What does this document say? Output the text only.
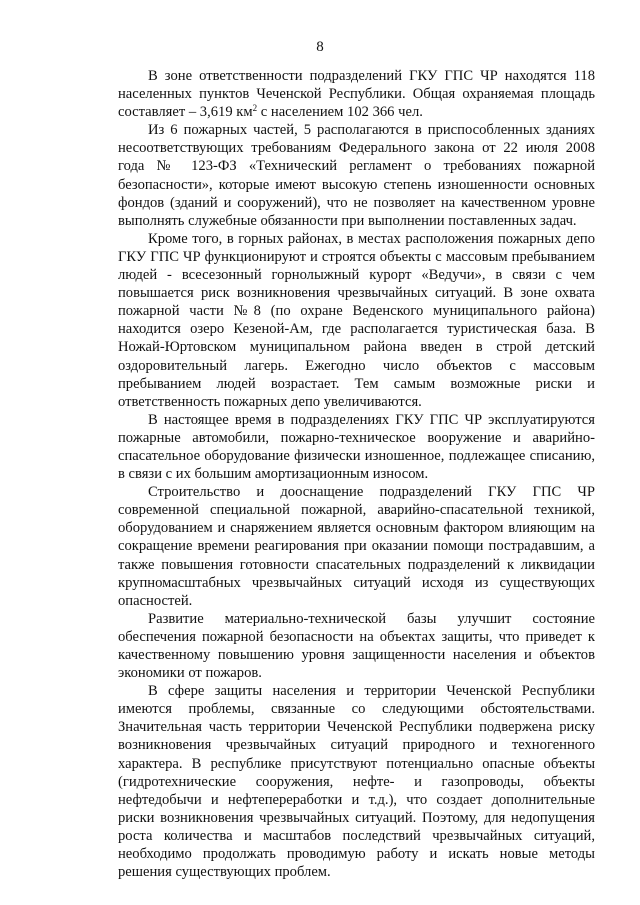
8

В зоне ответственности подразделений ГКУ ГПС ЧР находятся 118 населенных пунктов Чеченской Республики. Общая охраняемая площадь составляет – 3,619 $км^2$ с населением 102 366 чел.

Из 6 пожарных частей, 5 располагаются в приспособленных зданиях несоответствующих требованиям Федерального закона от 22 июля 2008 года № 123-ФЗ «Технический регламент о требованиях пожарной безопасности», которые имеют высокую степень изношенности основных фондов (зданий и сооружений), что не позволяет на качественном уровне выполнять служебные обязанности при выполнении поставленных задач.

Кроме того, в горных районах, в местах расположения пожарных депо ГКУ ГПС ЧР функционируют и строятся объекты с массовым пребыванием людей - всесезонный горнолыжный курорт «Ведучи», в связи с чем повышается риск возникновения чрезвычайных ситуаций. В зоне охвата пожарной части №8 (по охране Веденского муниципального района) находится озеро Кезеной-Ам, где располагается туристическая база. В Ножай-Юртовском муниципальном района введен в строй детский оздоровительный лагерь. Ежегодно число объектов с массовым пребыванием людей возрастает. Тем самым возможные риски и ответственность пожарных депо увеличиваются.

В настоящее время в подразделениях ГКУ ГПС ЧР эксплуатируются пожарные автомобили, пожарно-техническое вооружение и аварийно-спасательное оборудование физически изношенное, подлежащее списанию, в связи с их большим амортизационным износом.

Строительство и дооснащение подразделений ГКУ ГПС ЧР современной специальной пожарной, аварийно-спасательной техникой, оборудованием и снаряжением является основным фактором влияющим на сокращение времени реагирования при оказании помощи пострадавшим, а также повышения готовности спасательных подразделений к ликвидации крупномасштабных чрезвычайных ситуаций исходя из существующих опасностей.

Развитие материально-технической базы улучшит состояние обеспечения пожарной безопасности на объектах защиты, что приведет к качественному повышению уровня защищенности населения и объектов экономики от пожаров.

В сфере защиты населения и территории Чеченской Республики имеются проблемы, связанные со следующими обстоятельствами. Значительная часть территории Чеченской Республики подвержена риску возникновения чрезвычайных ситуаций природного и техногенного характера. В республике присутствуют потенциально опасные объекты (гидротехнические сооружения, нефте- и газопроводы, объекты нефтедобычи и нефтепереработки и т.д.), что создает дополнительные риски возникновения чрезвычайных ситуаций. Поэтому, для недопущения роста количества и масштабов последствий чрезвычайных ситуаций, необходимо продолжать проводимую работу и искать новые методы решения существующих проблем.
